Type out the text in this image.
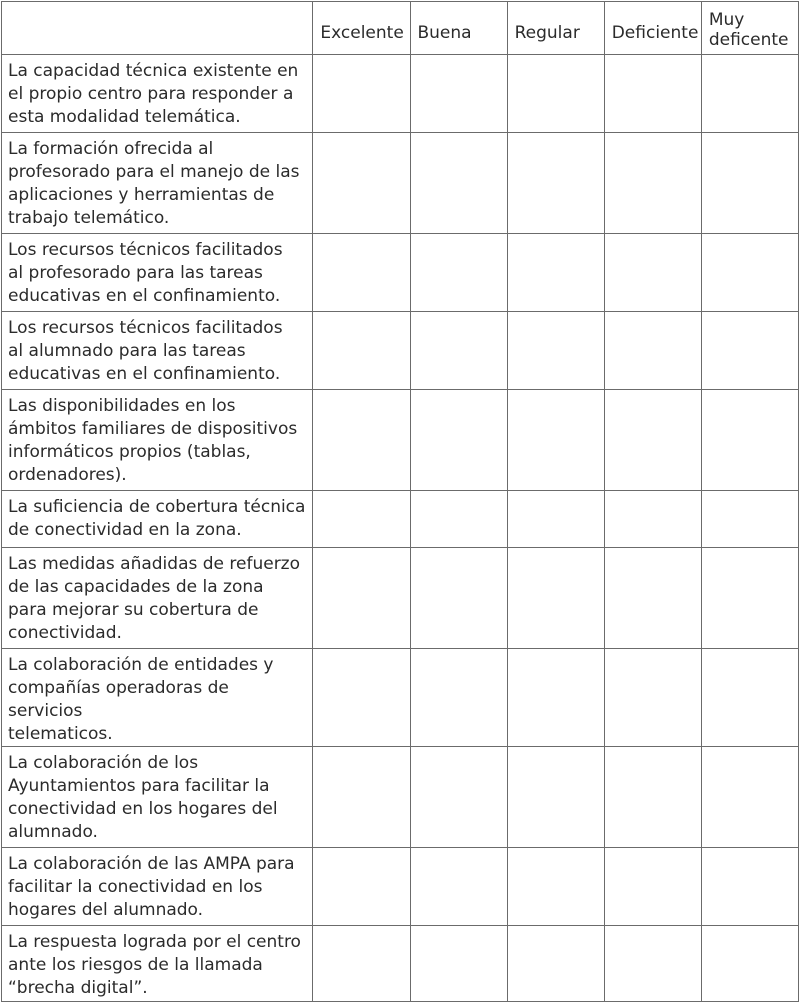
	Excelente	Buena	Regular	Deficiente	Muy
deficente

La capacidad técnica existente en
el propio centro para responder a
esta modalidad telemática.					

La formación ofrecida al
profesorado para el manejo de las
aplicaciones y herramientas de
trabajo telemático.					

Los recursos técnicos facilitados
al profesorado para las tareas
educativas en el confinamiento.					

Los recursos técnicos facilitados
al alumnado para las tareas
educativas en el confinamiento.					

Las disponibilidades en los
ámbitos familiares de dispositivos
informáticos propios (tablas,
ordenadores).					

La suficiencia de cobertura técnica
de conectividad en la zona.					

Las medidas añadidas de refuerzo
de las capacidades de la zona
para mejorar su cobertura de
conectividad.					

La colaboración de entidades y
compañías operadoras de servicios
telematicos.					

La colaboración de los
Ayuntamientos para facilitar la
conectividad en los hogares del
alumnado.					

La colaboración de las AMPA para
facilitar la conectividad en los
hogares del alumnado.					

La respuesta lograda por el centro
ante los riesgos de la llamada
“brecha digital”.					
